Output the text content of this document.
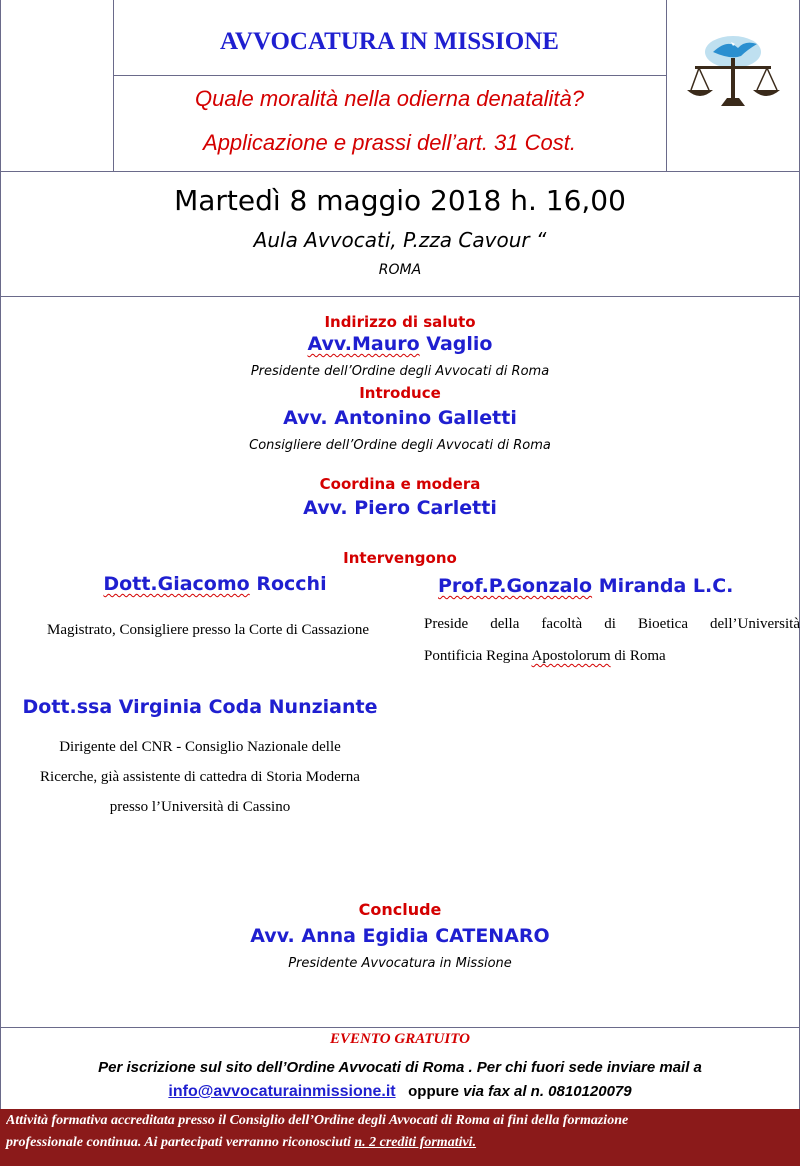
AVVOCATURA IN MISSIONE
Quale moralità nella odierna denatalità?
Applicazione e prassi dell’art. 31 Cost.
Martedì 8 maggio 2018 h. 16,00
Aula Avvocati, P.zza Cavour “
ROMA
Indirizzo di saluto
Avv.Mauro Vaglio
Presidente dell’Ordine degli Avvocati di Roma
Introduce
Avv. Antonino Galletti
Consigliere dell’Ordine degli Avvocati di Roma
Coordina e modera
Avv. Piero Carletti
Intervengono
Dott.Giacomo Rocchi
Magistrato, Consigliere presso la Corte di Cassazione
Prof.P.Gonzalo Miranda L.C.
Preside della facoltà di Bioetica dell’Università
Pontificia Regina Apostolorum di Roma
Dott.ssa Virginia Coda Nunziante
Dirigente del CNR - Consiglio Nazionale delle
Ricerche, già assistente di cattedra di Storia Moderna
presso l’Università di Cassino
Conclude
Avv. Anna Egidia CATENARO
Presidente Avvocatura in Missione
EVENTO GRATUITO
Per iscrizione sul sito dell’Ordine Avvocati di Roma . Per chi fuori sede inviare mail a
info@avvocaturainmissione.it oppure via fax al n. 0810120079
Attività formativa accreditata presso il Consiglio dell’Ordine degli Avvocati di Roma ai fini della formazione
professionale continua. Ai partecipati verranno riconosciuti n. 2 crediti formativi.
